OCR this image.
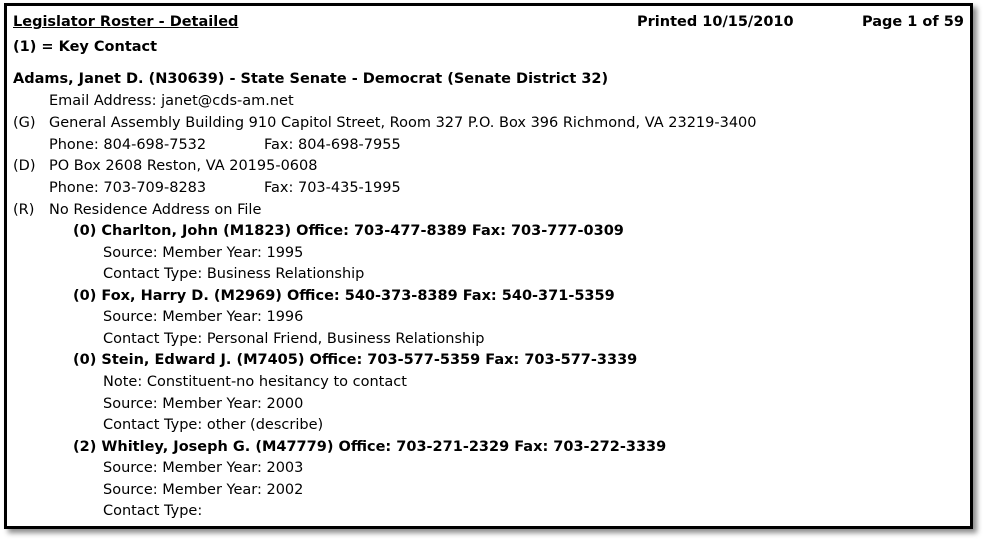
Legislator Roster - Detailed	Printed 10/15/2010	Page 1 of 59
(1) = Key Contact
Adams, Janet D. (N30639) - State Senate - Democrat (Senate District 32)
Email Address: janet@cds-am.net
(G) General Assembly Building 910 Capitol Street, Room 327 P.O. Box 396 Richmond, VA 23219-3400
Phone: 804-698-7532	Fax: 804-698-7955
(D) PO Box 2608 Reston, VA 20195-0608
Phone: 703-709-8283	Fax: 703-435-1995
(R) No Residence Address on File
(0) Charlton, John (M1823) Office: 703-477-8389 Fax: 703-777-0309
Source: Member Year: 1995
Contact Type: Business Relationship
(0) Fox, Harry D. (M2969) Office: 540-373-8389 Fax: 540-371-5359
Source: Member Year: 1996
Contact Type: Personal Friend, Business Relationship
(0) Stein, Edward J. (M7405) Office: 703-577-5359 Fax: 703-577-3339
Note: Constituent-no hesitancy to contact
Source: Member Year: 2000
Contact Type: other (describe)
(2) Whitley, Joseph G. (M47779) Office: 703-271-2329 Fax: 703-272-3339
Source: Member Year: 2003
Source: Member Year: 2002
Contact Type:
